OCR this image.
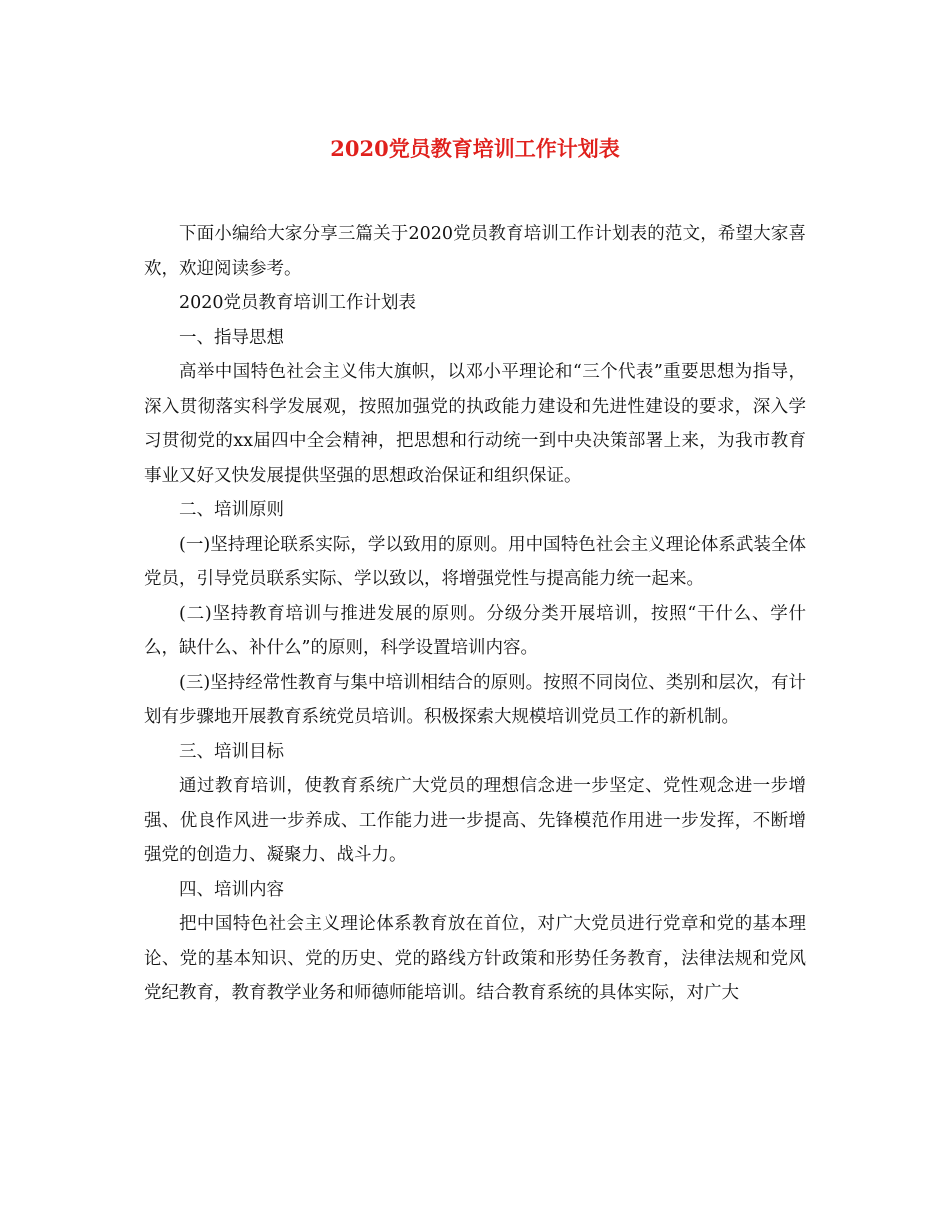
2020党员教育培训工作计划表

下面小编给大家分享三篇关于2020党员教育培训工作计划表的范文，希望大家喜欢，欢迎阅读参考。

2020党员教育培训工作计划表

一、指导思想

高举中国特色社会主义伟大旗帜，以邓小平理论和“三个代表”重要思想为指导，深入贯彻落实科学发展观，按照加强党的执政能力建设和先进性建设的要求，深入学习贯彻党的xx届四中全会精神，把思想和行动统一到中央决策部署上来，为我市教育事业又好又快发展提供坚强的思想政治保证和组织保证。

二、培训原则

(一)坚持理论联系实际，学以致用的原则。用中国特色社会主义理论体系武装全体党员，引导党员联系实际、学以致以，将增强党性与提高能力统一起来。

(二)坚持教育培训与推进发展的原则。分级分类开展培训，按照“干什么、学什么，缺什么、补什么”的原则，科学设置培训内容。

(三)坚持经常性教育与集中培训相结合的原则。按照不同岗位、类别和层次，有计划有步骤地开展教育系统党员培训。积极探索大规模培训党员工作的新机制。

三、培训目标

通过教育培训，使教育系统广大党员的理想信念进一步坚定、党性观念进一步增强、优良作风进一步养成、工作能力进一步提高、先锋模范作用进一步发挥，不断增强党的创造力、凝聚力、战斗力。

四、培训内容

把中国特色社会主义理论体系教育放在首位，对广大党员进行党章和党的基本理论、党的基本知识、党的历史、党的路线方针政策和形势任务教育，法律法规和党风党纪教育，教育教学业务和师德师能培训。结合教育系统的具体实际，对广大
